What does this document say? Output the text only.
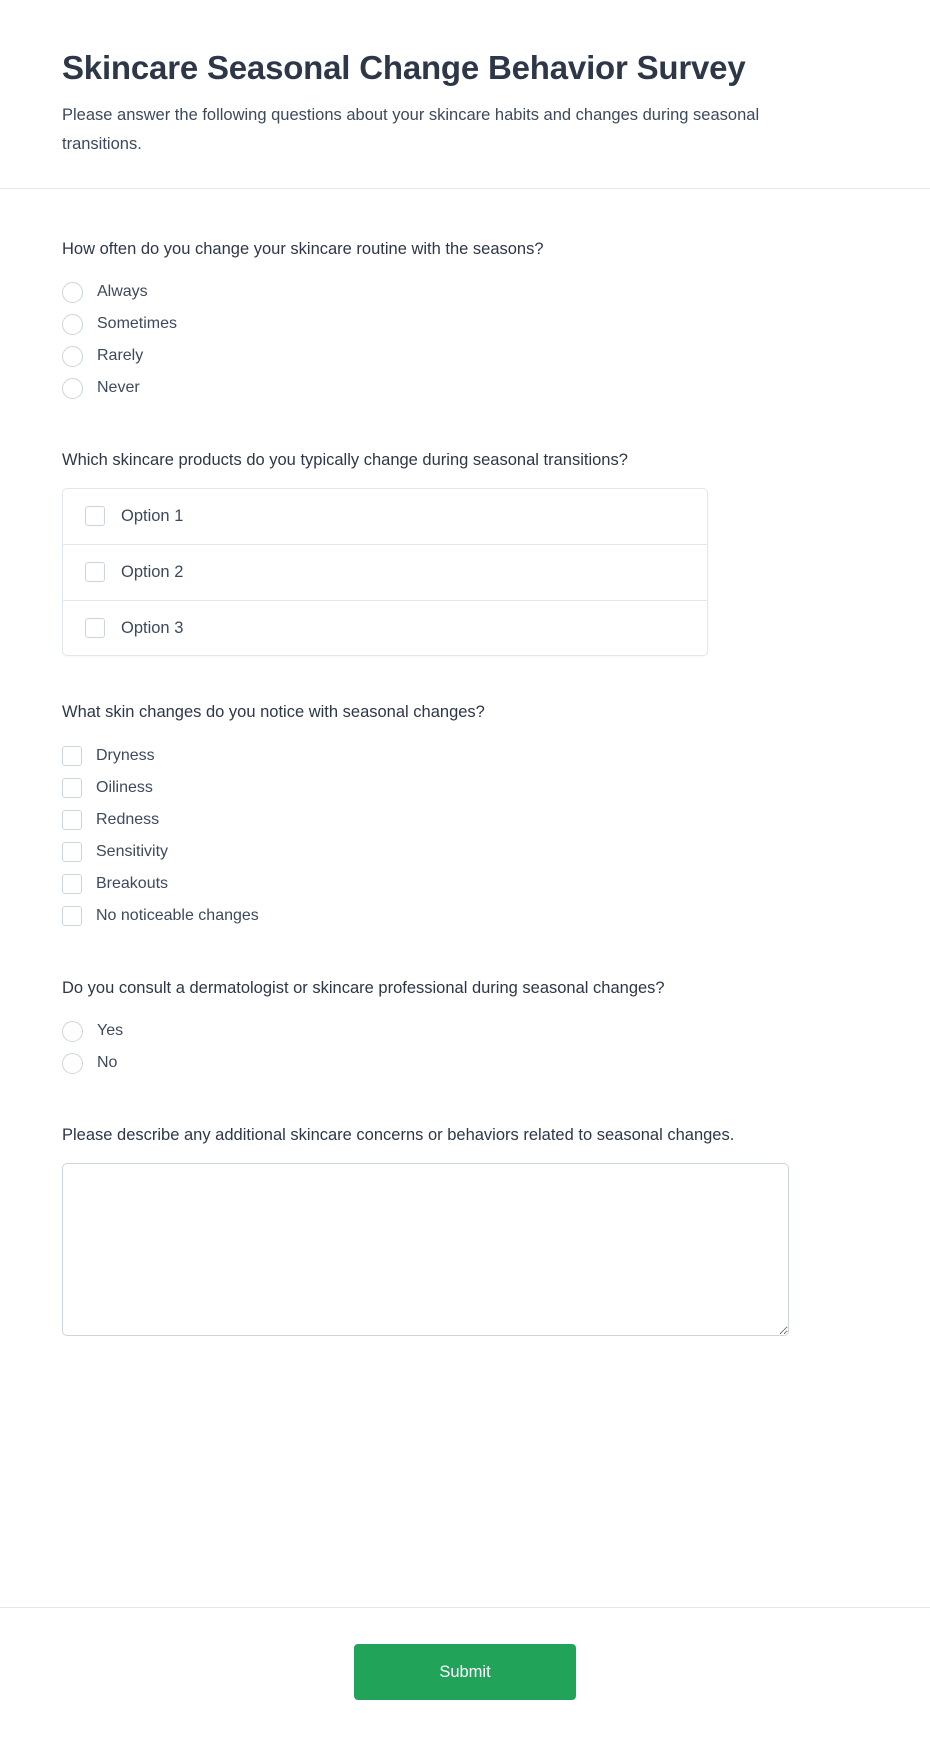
Skincare Seasonal Change Behavior Survey

Please answer the following questions about your skincare habits and changes during seasonal transitions.

How often do you change your skincare routine with the seasons?
Always
Sometimes
Rarely
Never
Which skincare products do you typically change during seasonal transitions?
Option 1
Option 2
Option 3
What skin changes do you notice with seasonal changes?
Dryness
Oiliness
Redness
Sensitivity
Breakouts
No noticeable changes
Do you consult a dermatologist or skincare professional during seasonal changes?
Yes
No
Please describe any additional skincare concerns or behaviors related to seasonal changes.
Submit
